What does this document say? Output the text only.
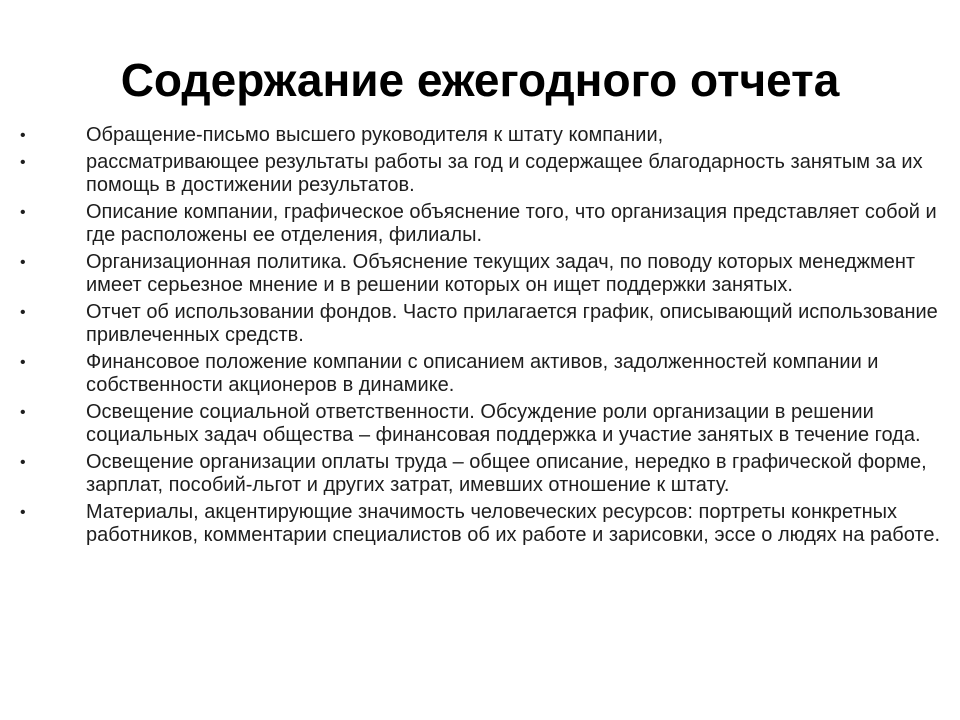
Содержание ежегодного отчета
•	Обращение-письмо высшего руководителя к штату компании,
•	рассматривающее результаты работы за год и содержащее благодарность занятым за их помощь в достижении результатов.
•	Описание компании, графическое объяснение того, что организация представляет собой и где расположены ее отделения, филиалы.
•	Организационная политика. Объяснение текущих задач, по поводу которых менеджмент имеет серьезное мнение и в решении которых он ищет поддержки занятых.
•	Отчет об использовании фондов. Часто прилагается график, описывающий использование привлеченных средств.
•	Финансовое положение компании с описанием активов, задолженностей компании и собственности акционеров в динамике.
•	Освещение социальной ответственности. Обсуждение роли организации в решении социальных задач общества – финансовая поддержка и участие занятых в течение года.
•	Освещение организации оплаты труда – общее описание, нередко в графической форме, зарплат, пособий-льгот и других затрат, имевших отношение к штату.
•	Материалы, акцентирующие значимость человеческих ресурсов: портреты конкретных работников, комментарии специалистов об их работе и зарисовки, эссе о людях на работе.
